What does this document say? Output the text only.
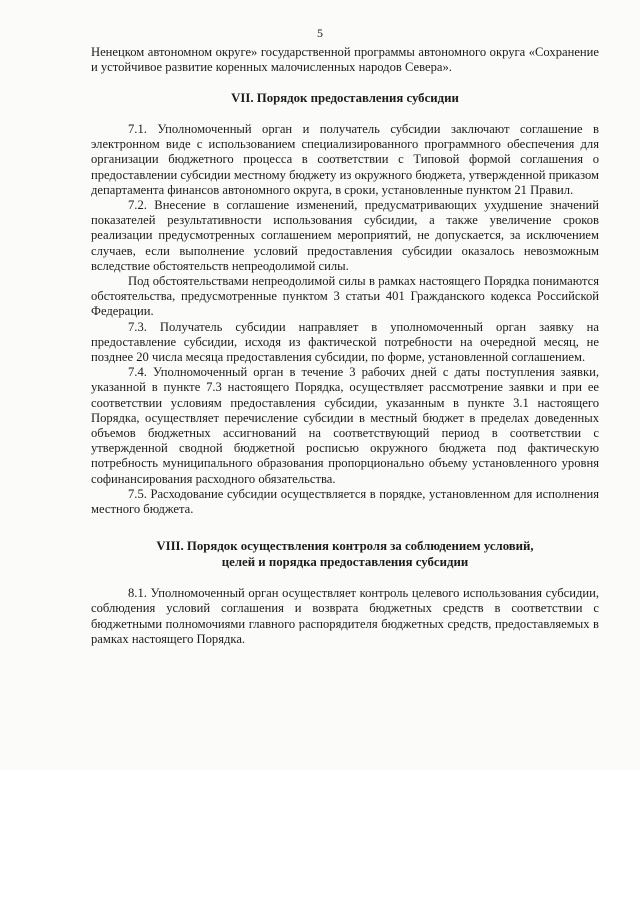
5

Ненецком автономном округе» государственной программы автономного округа «Сохранение и устойчивое развитие коренных малочисленных народов Севера».

VII. Порядок предоставления субсидии

7.1. Уполномоченный орган и получатель субсидии заключают соглашение в электронном виде с использованием специализированного программного обеспечения для организации бюджетного процесса в соответствии с Типовой формой соглашения о предоставлении субсидии местному бюджету из окружного бюджета, утвержденной приказом департамента финансов автономного округа, в сроки, установленные пунктом 21 Правил.

7.2. Внесение в соглашение изменений, предусматривающих ухудшение значений показателей результативности использования субсидии, а также увеличение сроков реализации предусмотренных соглашением мероприятий, не допускается, за исключением случаев, если выполнение условий предоставления субсидии оказалось невозможным вследствие обстоятельств непреодолимой силы.

Под обстоятельствами непреодолимой силы в рамках настоящего Порядка понимаются обстоятельства, предусмотренные пунктом 3 статьи 401 Гражданского кодекса Российской Федерации.

7.3. Получатель субсидии направляет в уполномоченный орган заявку на предоставление субсидии, исходя из фактической потребности на очередной месяц, не позднее 20 числа месяца предоставления субсидии, по форме, установленной соглашением.

7.4. Уполномоченный орган в течение 3 рабочих дней с даты поступления заявки, указанной в пункте 7.3 настоящего Порядка, осуществляет рассмотрение заявки и при ее соответствии условиям предоставления субсидии, указанным в пункте 3.1 настоящего Порядка, осуществляет перечисление субсидии в местный бюджет в пределах доведенных объемов бюджетных ассигнований на соответствующий период в соответствии с утвержденной сводной бюджетной росписью окружного бюджета под фактическую потребность муниципального образования пропорционально объему установленного уровня софинансирования расходного обязательства.

7.5. Расходование субсидии осуществляется в порядке, установленном для исполнения местного бюджета.

VIII. Порядок осуществления контроля за соблюдением условий,
целей и порядка предоставления субсидии

8.1. Уполномоченный орган осуществляет контроль целевого использования субсидии, соблюдения условий соглашения и возврата бюджетных средств в соответствии с бюджетными полномочиями главного распорядителя бюджетных средств, предоставляемых в рамках настоящего Порядка.
